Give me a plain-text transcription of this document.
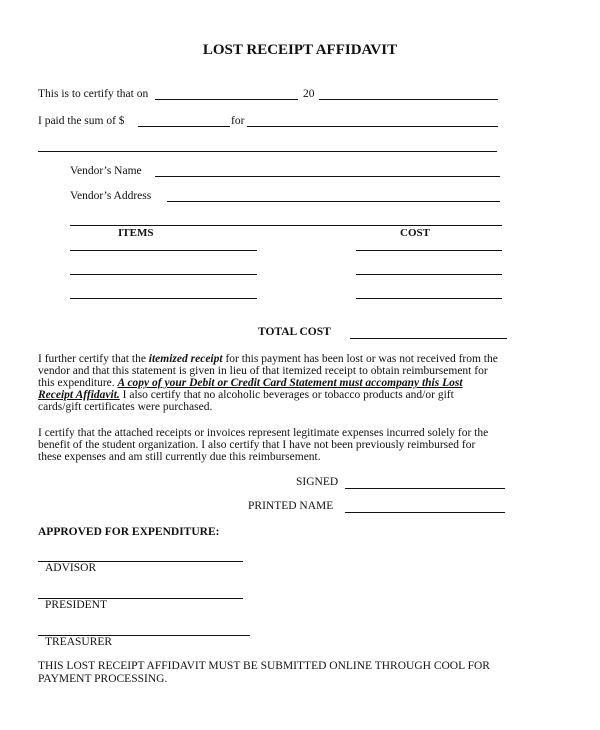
LOST RECEIPT AFFIDAVIT
This is to certify that on	20
I paid the sum of $	for
Vendor’s Name
Vendor’s Address
ITEMS	COST
TOTAL COST
I further certify that the itemized receipt for this payment has been lost or was not received from the
vendor and that this statement is given in lieu of that itemized receipt to obtain reimbursement for
this expenditure. A copy of your Debit or Credit Card Statement must accompany this Lost
Receipt Affidavit. I also certify that no alcoholic beverages or tobacco products and/or gift
cards/gift certificates were purchased.
I certify that the attached receipts or invoices represent legitimate expenses incurred solely for the
benefit of the student organization. I also certify that I have not been previously reimbursed for
these expenses and am still currently due this reimbursement.
SIGNED
PRINTED NAME
APPROVED FOR EXPENDITURE:
ADVISOR
PRESIDENT
TREASURER
THIS LOST RECEIPT AFFIDAVIT MUST BE SUBMITTED ONLINE THROUGH COOL FOR
PAYMENT PROCESSING.
